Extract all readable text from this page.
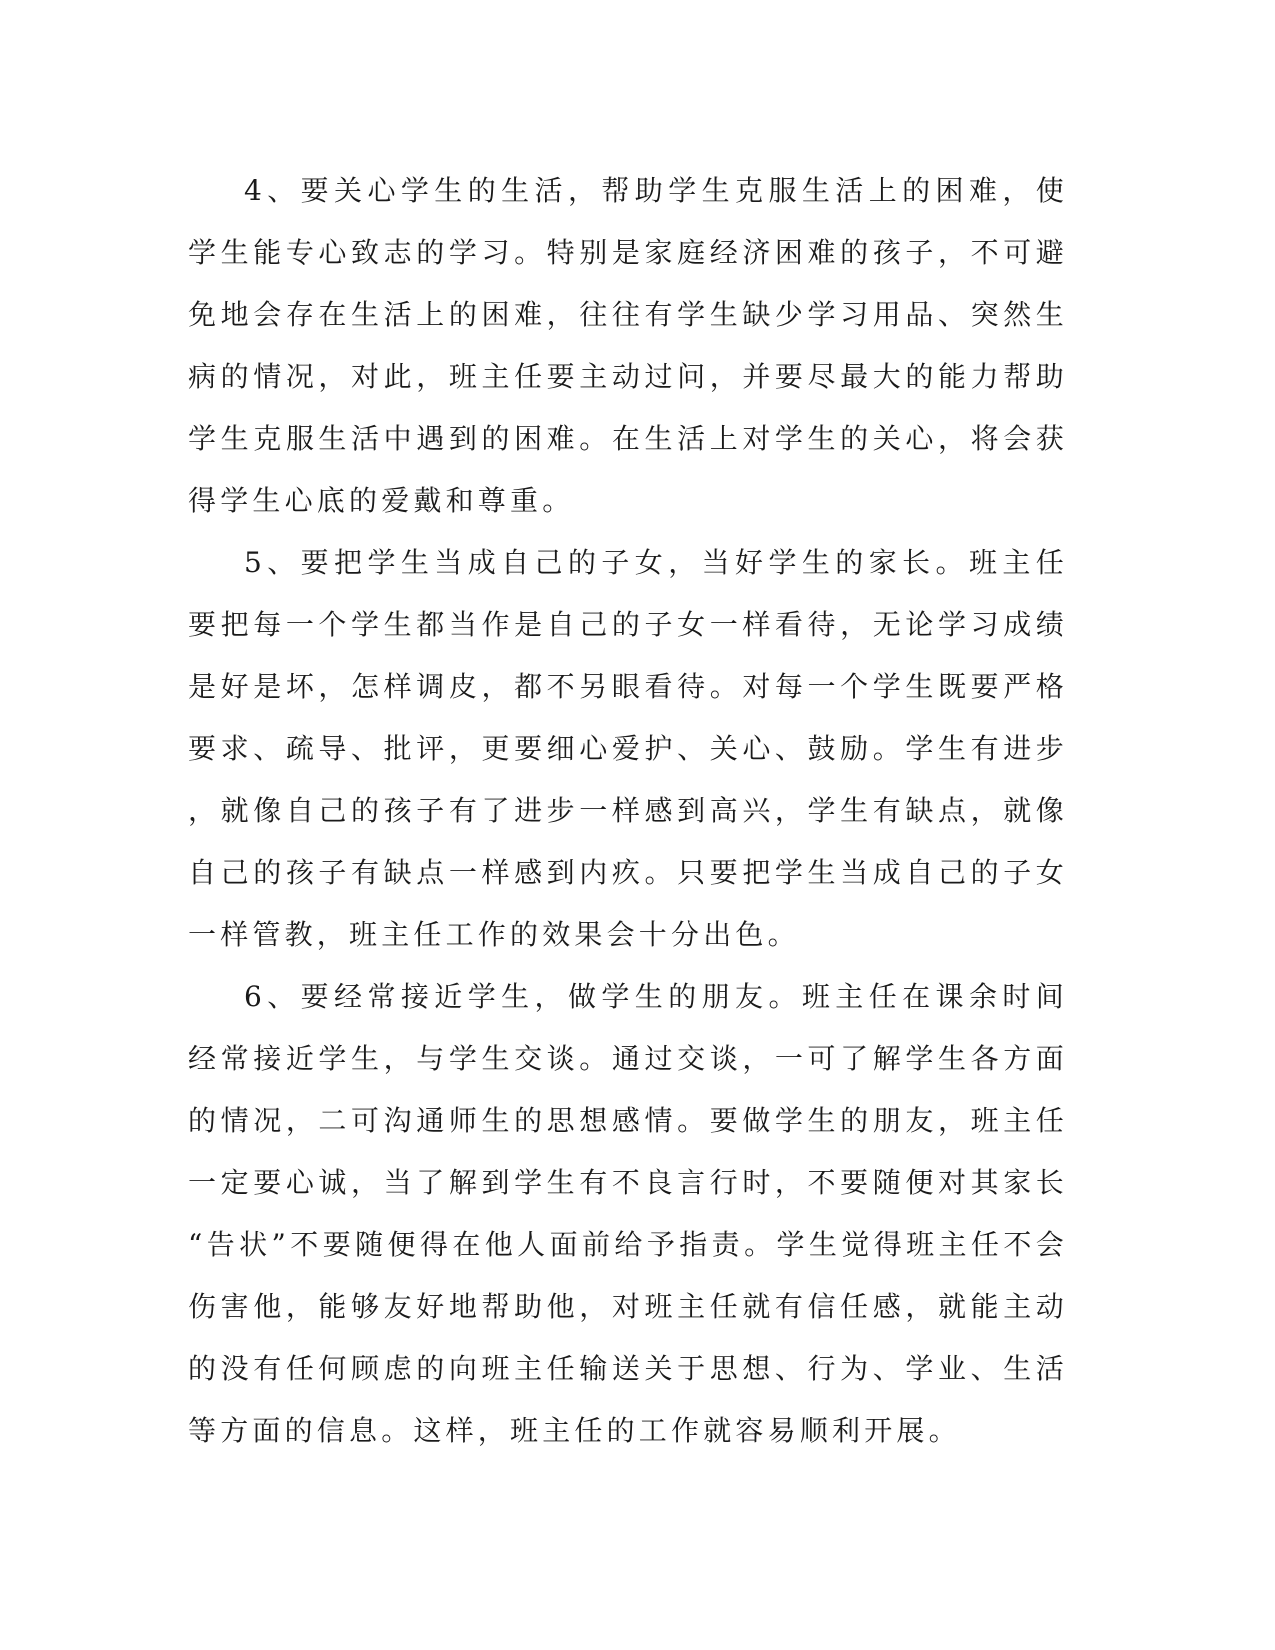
4、要关心学生的生活，帮助学生克服生活上的困难，使学生能专心致志的学习。特别是家庭经济困难的孩子，不可避免地会存在生活上的困难，往往有学生缺少学习用品、突然生病的情况，对此，班主任要主动过问，并要尽最大的能力帮助学生克服生活中遇到的困难。在生活上对学生的关心，将会获得学生心底的爱戴和尊重。

5、要把学生当成自己的子女，当好学生的家长。班主任要把每一个学生都当作是自己的子女一样看待，无论学习成绩是好是坏，怎样调皮，都不另眼看待。对每一个学生既要严格要求、疏导、批评，更要细心爱护、关心、鼓励。学生有进步，就像自己的孩子有了进步一样感到高兴，学生有缺点，就像自己的孩子有缺点一样感到内疚。只要把学生当成自己的子女一样管教，班主任工作的效果会十分出色。

6、要经常接近学生，做学生的朋友。班主任在课余时间经常接近学生，与学生交谈。通过交谈，一可了解学生各方面的情况，二可沟通师生的思想感情。要做学生的朋友，班主任一定要心诚，当了解到学生有不良言行时，不要随便对其家长“告状”不要随便得在他人面前给予指责。学生觉得班主任不会伤害他，能够友好地帮助他，对班主任就有信任感，就能主动的没有任何顾虑的向班主任输送关于思想、行为、学业、生活等方面的信息。这样，班主任的工作就容易顺利开展。
